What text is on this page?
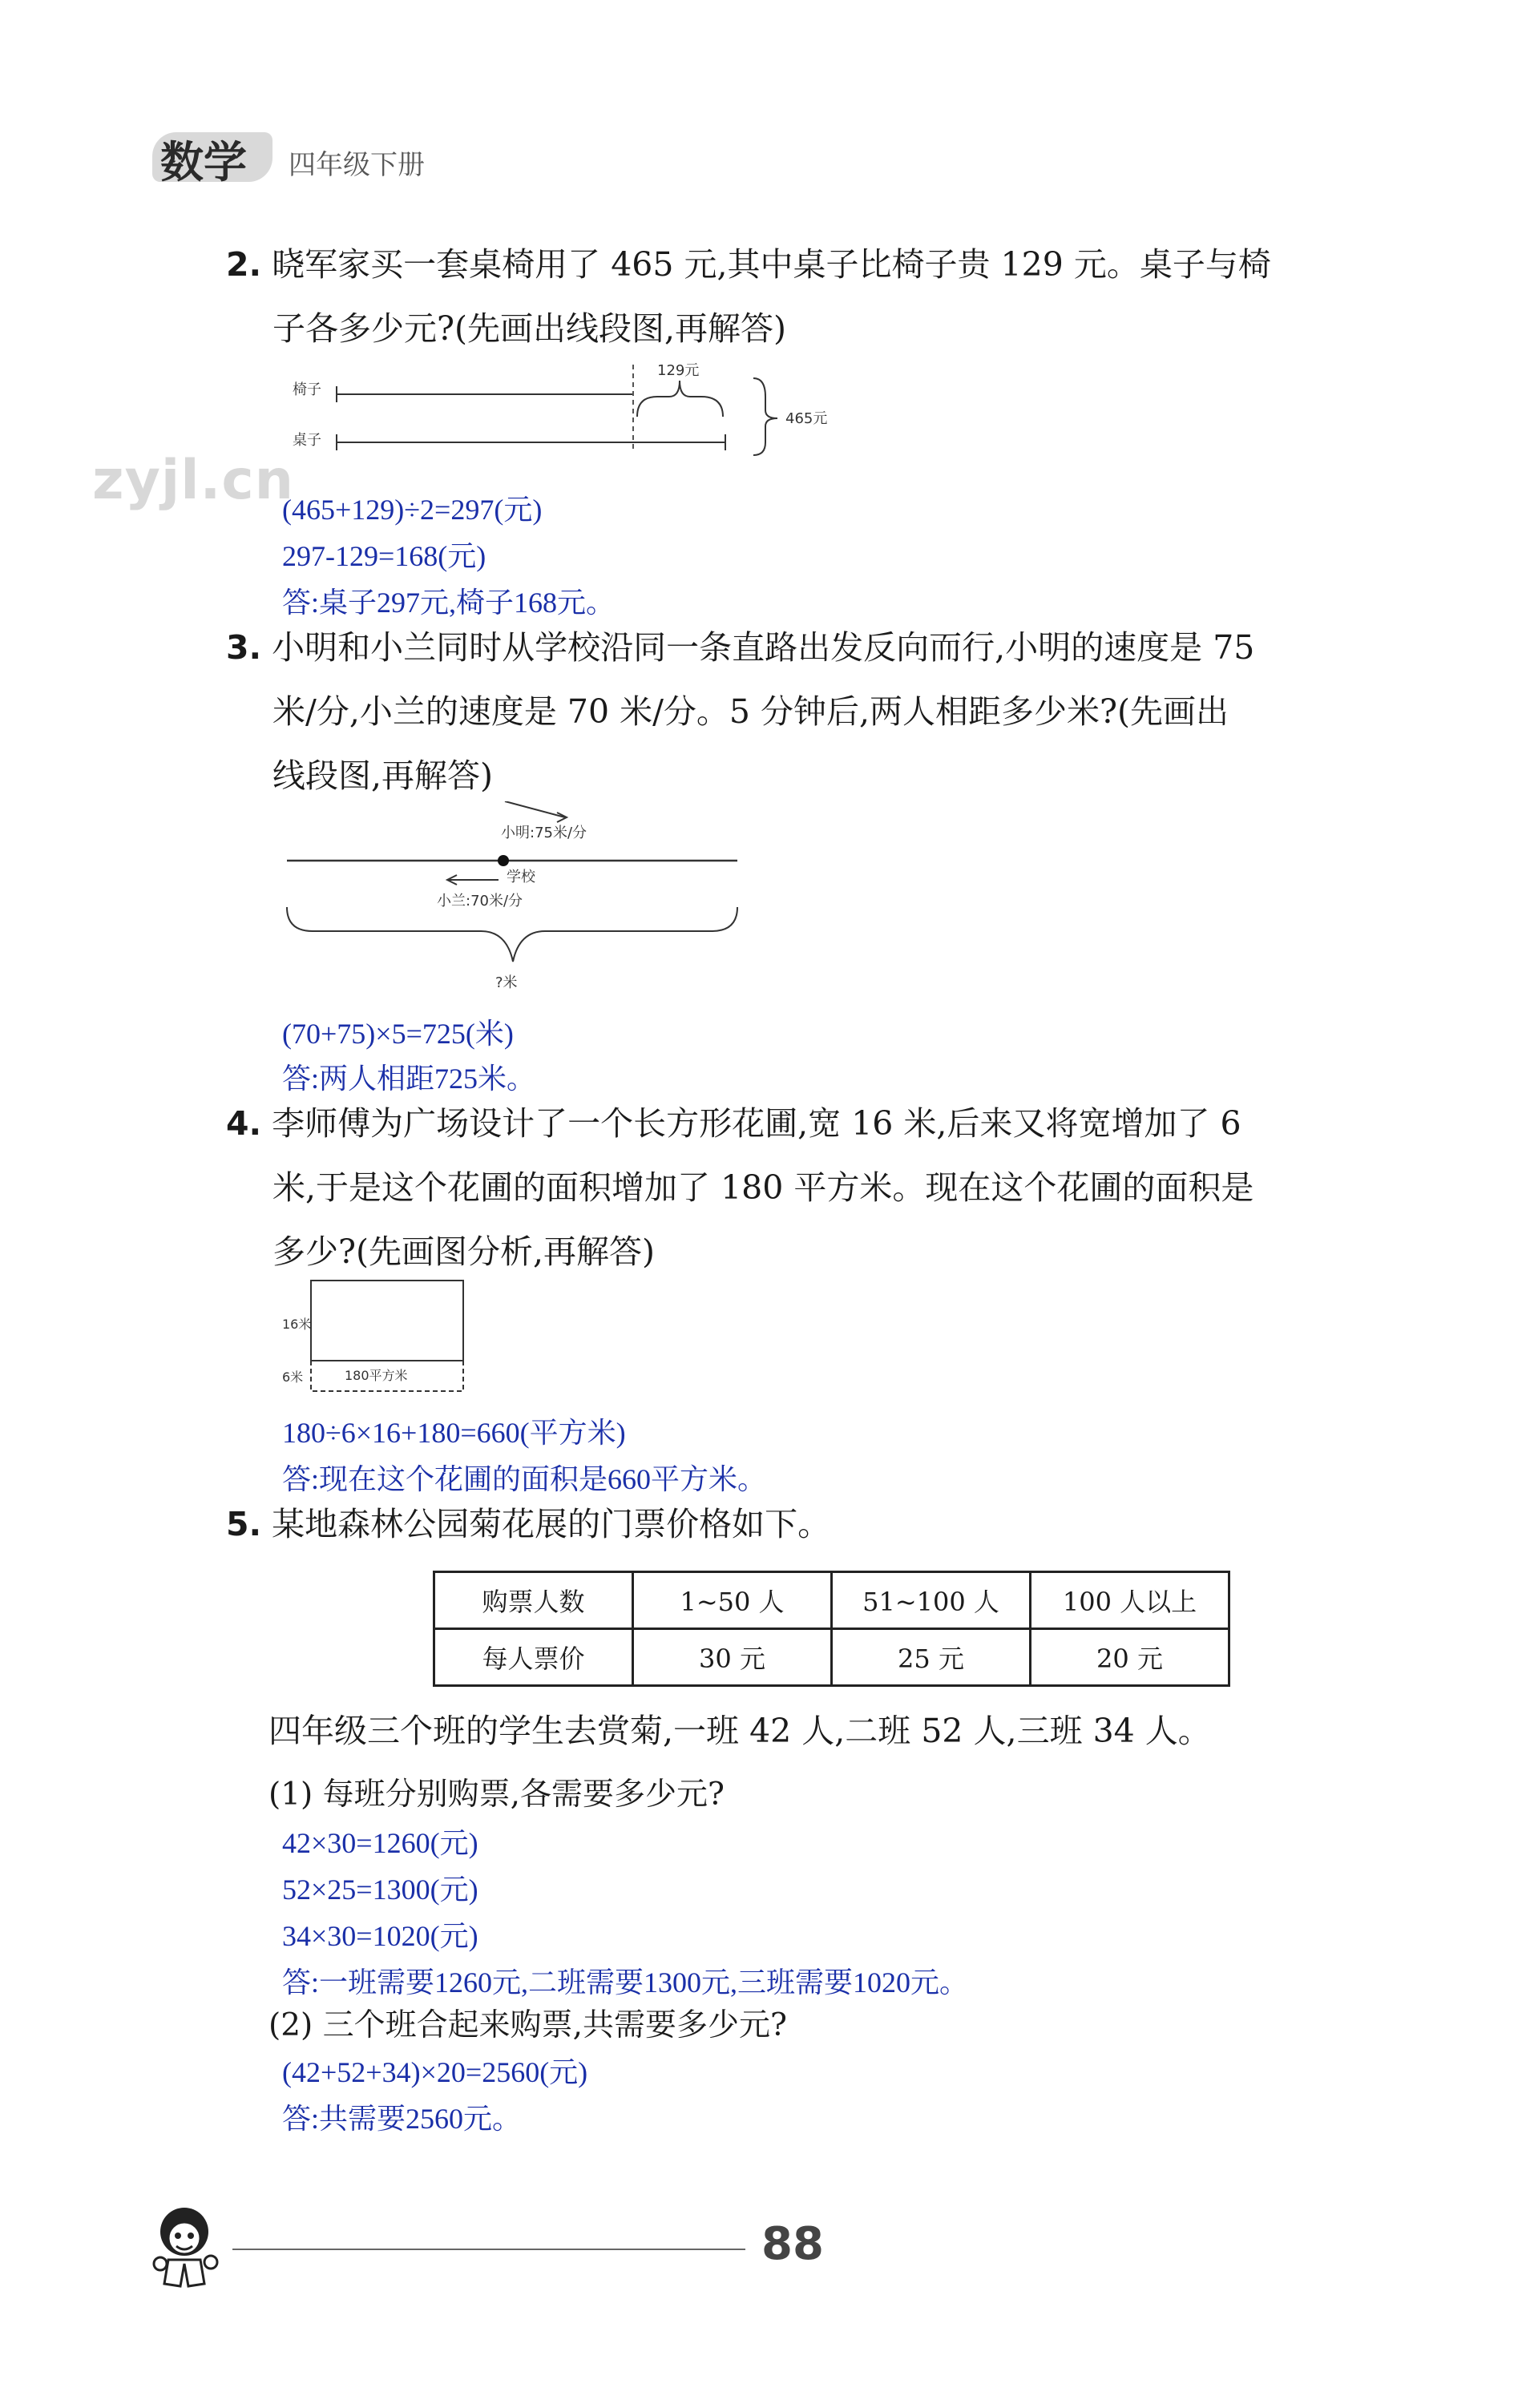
数学 四年级下册
zyjl.cn
2. 晓军家买一套桌椅用了 465 元,其中桌子比椅子贵 129 元。桌子与椅
子各多少元?(先画出线段图,再解答)
椅子
桌子
129元
465元
(465+129)÷2=297(元)
297-129=168(元)
答:桌子297元,椅子168元。
3. 小明和小兰同时从学校沿同一条直路出发反向而行,小明的速度是 75
米/分,小兰的速度是 70 米/分。5 分钟后,两人相距多少米?(先画出
线段图,再解答)
小明:75米/分
学校
小兰:70米/分
?米
(70+75)×5=725(米)
答:两人相距725米。
4. 李师傅为广场设计了一个长方形花圃,宽 16 米,后来又将宽增加了 6
米,于是这个花圃的面积增加了 180 平方米。现在这个花圃的面积是
多少?(先画图分析,再解答)
16米
6米	180平方米
180÷6×16+180=660(平方米)
答:现在这个花圃的面积是660平方米。
5. 某地森林公园菊花展的门票价格如下。
购票人数	1~50 人	51~100 人	100 人以上
每人票价	30 元	25 元	20 元
四年级三个班的学生去赏菊,一班 42 人,二班 52 人,三班 34 人。
(1) 每班分别购票,各需要多少元?
42×30=1260(元)
52×25=1300(元)
34×30=1020(元)
答:一班需要1260元,二班需要1300元,三班需要1020元。
(2) 三个班合起来购票,共需要多少元?
(42+52+34)×20=2560(元)
答:共需要2560元。
88
